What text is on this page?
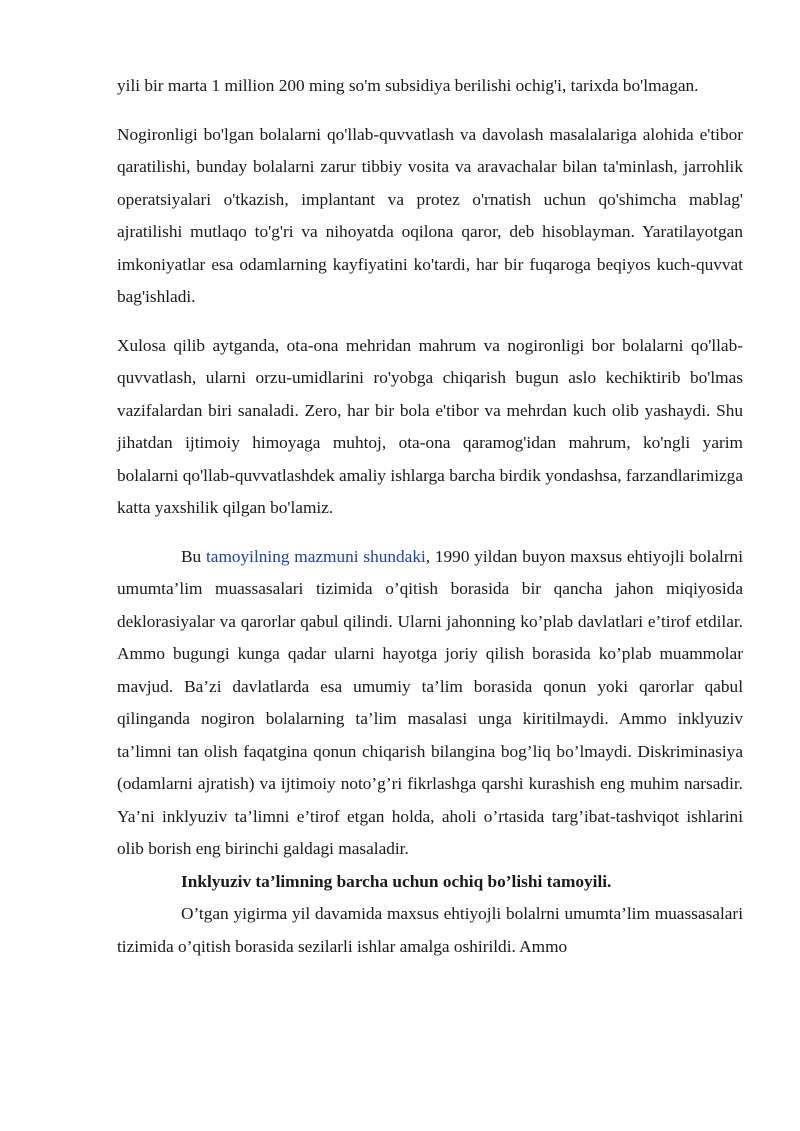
yili bir marta 1 million 200 ming so'm subsidiya berilishi ochig'i, tarixda bo'lmagan.

Nogironligi bo'lgan bolalarni qo'llab-quvvatlash va davolash masalalariga alohida e'tibor qaratilishi, bunday bolalarni zarur tibbiy vosita va aravachalar bilan ta'minlash, jarrohlik operatsiyalari o'tkazish, implantant va protez o'rnatish uchun qo'shimcha mablag' ajratilishi mutlaqo to'g'ri va nihoyatda oqilona qaror, deb hisoblayman. Yaratilayotgan imkoniyatlar esa odamlarning kayfiyatini ko'tardi, har bir fuqaroga beqiyos kuch-quvvat bag'ishladi.

Xulosa qilib aytganda, ota-ona mehridan mahrum va nogironligi bor bolalarni qo'llab-quvvatlash, ularni orzu-umidlarini ro'yobga chiqarish bugun aslo kechiktirib bo'lmas vazifalardan biri sanaladi. Zero, har bir bola e'tibor va mehrdan kuch olib yashaydi. Shu jihatdan ijtimoiy himoyaga muhtoj, ota-ona qaramog'idan mahrum, ko'ngli yarim bolalarni qo'llab-quvvatlashdek amaliy ishlarga barcha birdik yondashsa, farzandlarimizga katta yaxshilik qilgan bo'lamiz.

Bu tamoyilning mazmuni shundaki, 1990 yildan buyon maxsus ehtiyojli bolalrni umumta’lim muassasalari tizimida o’qitish borasida bir qancha jahon miqiyosida deklorasiyalar va qarorlar qabul qilindi. Ularni jahonning ko’plab davlatlari e’tirof etdilar. Ammo bugungi kunga qadar ularni hayotga joriy qilish borasida ko’plab muammolar mavjud. Ba’zi davlatlarda esa umumiy ta’lim borasida qonun yoki qarorlar qabul qilinganda nogiron bolalarning ta’lim masalasi unga kiritilmaydi. Ammo inklyuziv ta’limni tan olish faqatgina qonun chiqarish bilangina bog’liq bo’lmaydi. Diskriminasiya (odamlarni ajratish) va ijtimoiy noto’g’ri fikrlashga qarshi kurashish eng muhim narsadir. Ya’ni inklyuziv ta’limni e’tirof etgan holda, aholi o’rtasida targ’ibat-tashviqot ishlarini olib borish eng birinchi galdagi masaladir.

Inklyuziv ta’limning barcha uchun ochiq bo’lishi tamoyili.

O’tgan yigirma yil davamida maxsus ehtiyojli bolalrni umumta’lim muassasalari tizimida o’qitish borasida sezilarli ishlar amalga oshirildi. Ammo
